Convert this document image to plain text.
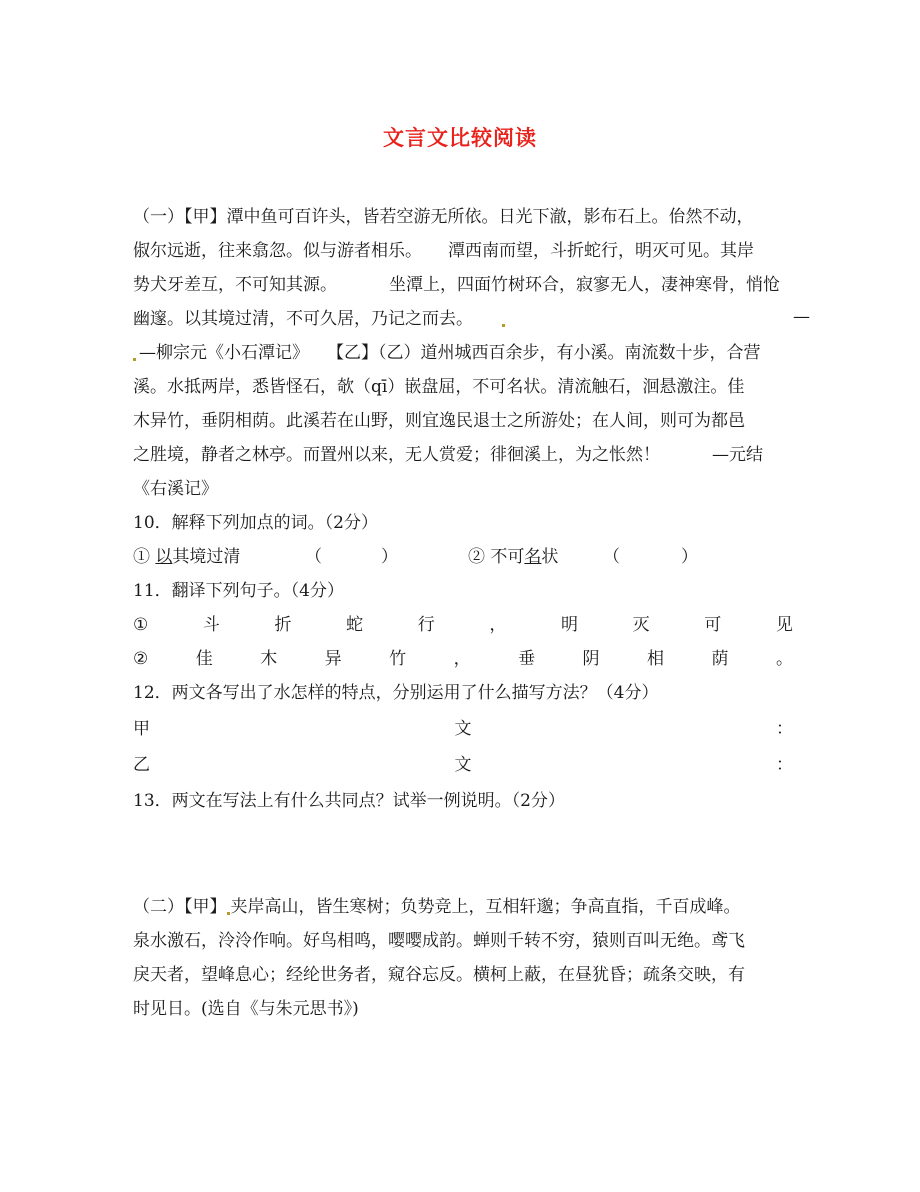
文言文比较阅读

（一）【甲】潭中鱼可百许头，皆若空游无所依。日光下澈，影布石上。佁然不动，

俶尔远逝，往来翕忽。似与游者相乐。 潭西南而望，斗折蛇行，明灭可见。其岸

势犬牙差互，不可知其源。	坐潭上，四面竹树环合，寂寥无人，凄神寒骨，悄怆

幽邃。以其境过清，不可久居，乃记之而去。	—

—柳宗元《小石潭记》 【乙】（乙）道州城西百余步，有小溪。南流数十步，合营

溪。水抵两岸，悉皆怪石，欹（qī）嵌盘屈，不可名状。清流触石，洄悬激注。佳

木异竹，垂阴相荫。此溪若在山野，则宜逸民退士之所游处；在人间，则可为都邑

之胜境，静者之林亭。而置州以来，无人赏爱；徘徊溪上，为之怅然！	—元结

《右溪记》

10．解释下列加点的词。（2分）

① 以其境过清	（	）	② 不可名状	（	）

11．翻译下列句子。（4分）

①	斗	折	蛇	行	，	明	灭	可	见
②	佳	木	异	竹	，	垂	阴	相	荫	。

12．两文各写出了水怎样的特点，分别运用了什么描写方法？（4分）

甲	文	：
乙	文	：

13．两文在写法上有什么共同点？试举一例说明。（2分）

（二）【甲】 夹岸高山，皆生寒树；负势竞上，互相轩邈；争高直指，千百成峰。

泉水激石，泠泠作响。好鸟相鸣，嘤嘤成韵。蝉则千转不穷，猿则百叫无绝。鸢飞

戾天者，望峰息心；经纶世务者，窥谷忘反。横柯上蔽，在昼犹昏；疏条交映，有

时见日。(选自《与朱元思书》)
